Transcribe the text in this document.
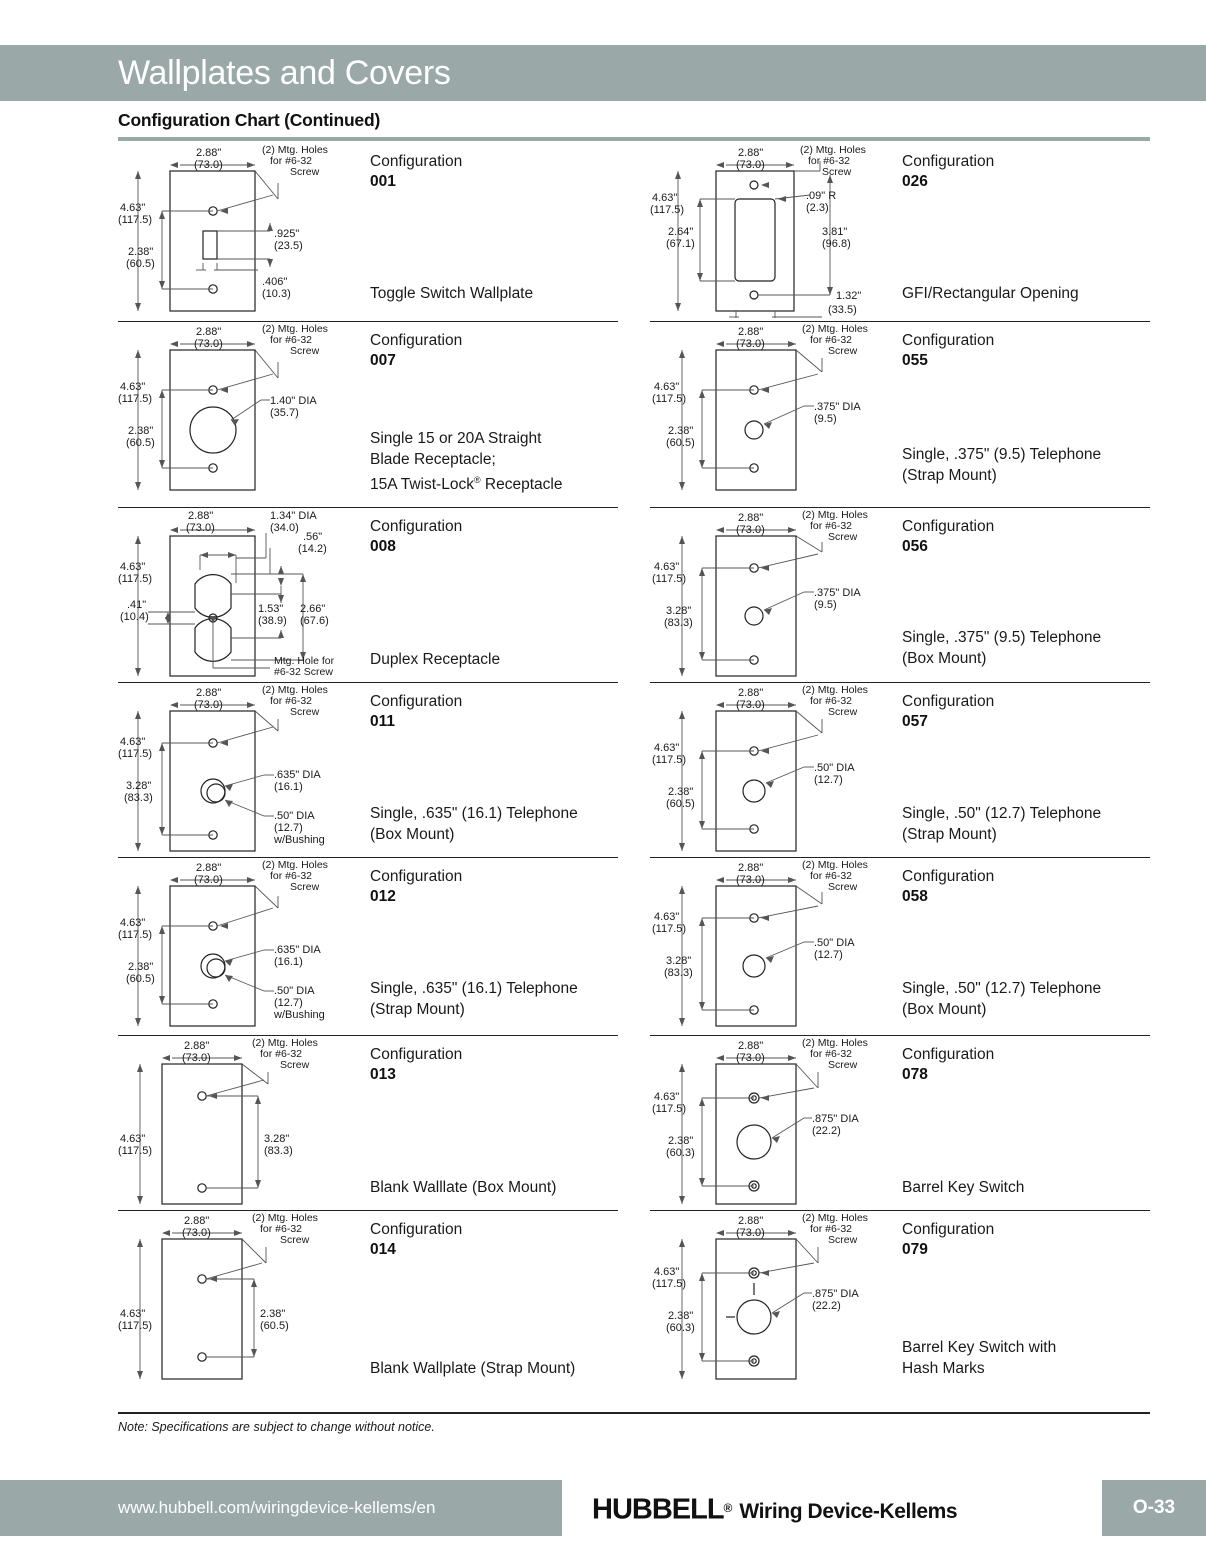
Wallplates and Covers
Configuration Chart (Continued)
(2) Mtg. Holes
for #6-32
Screw
2.88"
(73.0)
4.63"
(117.5)
2.38"
(60.5)
.925"
(23.5)
.406"
(10.3)
Configuration
001
Toggle Switch Wallplate
(2) Mtg. Holes
for #6-32
Screw
2.88"
(73.0)
4.63"
(117.5)
2.38"
(60.5)
1.40" DIA
(35.7)
Configuration
007
Single 15 or 20A Straight
Blade Receptacle;
15A Twist-Lock® Receptacle
2.88"
(73.0)
1.34" DIA
(34.0)
.56"
(14.2)
4.63"
(117.5)
.41"
(10.4)
1.53"
(38.9)
2.66"
(67.6)
Mtg. Hole for
#6-32 Screw
Configuration
008
Duplex Receptacle
(2) Mtg. Holes
for #6-32
Screw
2.88"
(73.0)
4.63"
(117.5)
3.28"
(83.3)
.635" DIA
(16.1)
.50" DIA
(12.7)
w/Bushing
Configuration
011
Single, .635" (16.1) Telephone
(Box Mount)
(2) Mtg. Holes
for #6-32
Screw
2.88"
(73.0)
4.63"
(117.5)
2.38"
(60.5)
.635" DIA
(16.1)
.50" DIA
(12.7)
w/Bushing
Configuration
012
Single, .635" (16.1) Telephone
(Strap Mount)
(2) Mtg. Holes
for #6-32
Screw
2.88"
(73.0)
4.63"
(117.5)
3.28"
(83.3)
Configuration
013
Blank Walllate (Box Mount)
(2) Mtg. Holes
for #6-32
Screw
2.88"
(73.0)
4.63"
(117.5)
2.38"
(60.5)
Configuration
014
Blank Wallplate (Strap Mount)
(2) Mtg. Holes
for #6-32
Screw
2.88"
(73.0)
4.63"
(117.5)
2.64"
(67.1)
.09" R
(2.3)
3.81"
(96.8)
1.32"
(33.5)
Configuration
026
GFI/Rectangular Opening
(2) Mtg. Holes
for #6-32
Screw
2.88"
(73.0)
4.63"
(117.5)
2.38"
(60.5)
.375" DIA
(9.5)
Configuration
055
Single, .375" (9.5) Telephone
(Strap Mount)
(2) Mtg. Holes
for #6-32
Screw
2.88"
(73.0)
4.63"
(117.5)
3.28"
(83.3)
.375" DIA
(9.5)
Configuration
056
Single, .375" (9.5) Telephone
(Box Mount)
(2) Mtg. Holes
for #6-32
Screw
2.88"
(73.0)
4.63"
(117.5)
2.38"
(60.5)
.50" DIA
(12.7)
Configuration
057
Single, .50" (12.7) Telephone
(Strap Mount)
(2) Mtg. Holes
for #6-32
Screw
2.88"
(73.0)
4.63"
(117.5)
3.28"
(83.3)
.50" DIA
(12.7)
Configuration
058
Single, .50" (12.7) Telephone
(Box Mount)
(2) Mtg. Holes
for #6-32
Screw
2.88"
(73.0)
4.63"
(117.5)
2.38"
(60.3)
.875" DIA
(22.2)
Configuration
078
Barrel Key Switch
(2) Mtg. Holes
for #6-32
Screw
2.88"
(73.0)
4.63"
(117.5)
2.38"
(60.3)
.875" DIA
(22.2)
Configuration
079
Barrel Key Switch with
Hash Marks
Note: Specifications are subject to change without notice.
www.hubbell.com/wiringdevice-kellems/en	HUBBELL® Wiring Device-Kellems	O-33
